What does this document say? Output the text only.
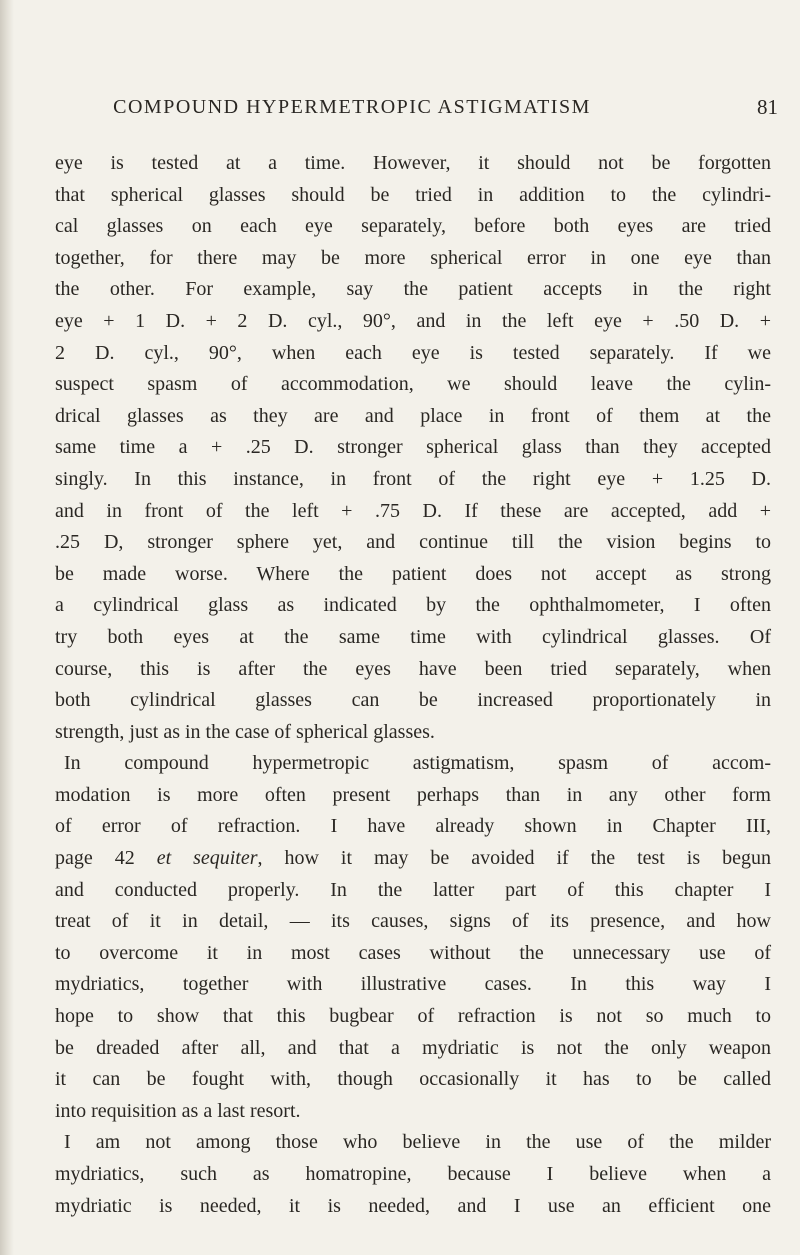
COMPOUND HYPERMETROPIC ASTIGMATISM	81
eye is tested at a time. However, it should not be forgotten
that spherical glasses should be tried in addition to the cylindri-
cal glasses on each eye separately, before both eyes are tried
together, for there may be more spherical error in one eye than
the other. For example, say the patient accepts in the right
eye + 1 D. + 2 D. cyl., 90°, and in the left eye + .50 D. +
2 D. cyl., 90°, when each eye is tested separately. If we
suspect spasm of accommodation, we should leave the cylin-
drical glasses as they are and place in front of them at the
same time a + .25 D. stronger spherical glass than they accepted
singly. In this instance, in front of the right eye + 1.25 D.
and in front of the left + .75 D. If these are accepted, add +
.25 D, stronger sphere yet, and continue till the vision begins to
be made worse. Where the patient does not accept as strong
a cylindrical glass as indicated by the ophthalmometer, I often
try both eyes at the same time with cylindrical glasses. Of
course, this is after the eyes have been tried separately, when
both cylindrical glasses can be increased proportionately in
strength, just as in the case of spherical glasses.
In compound hypermetropic astigmatism, spasm of accom-
modation is more often present perhaps than in any other form
of error of refraction. I have already shown in Chapter III,
page 42 et sequiter, how it may be avoided if the test is begun
and conducted properly. In the latter part of this chapter I
treat of it in detail, — its causes, signs of its presence, and how
to overcome it in most cases without the unnecessary use of
mydriatics, together with illustrative cases. In this way I
hope to show that this bugbear of refraction is not so much to
be dreaded after all, and that a mydriatic is not the only weapon
it can be fought with, though occasionally it has to be called
into requisition as a last resort.
I am not among those who believe in the use of the milder
mydriatics, such as homatropine, because I believe when a
mydriatic is needed, it is needed, and I use an efficient one
